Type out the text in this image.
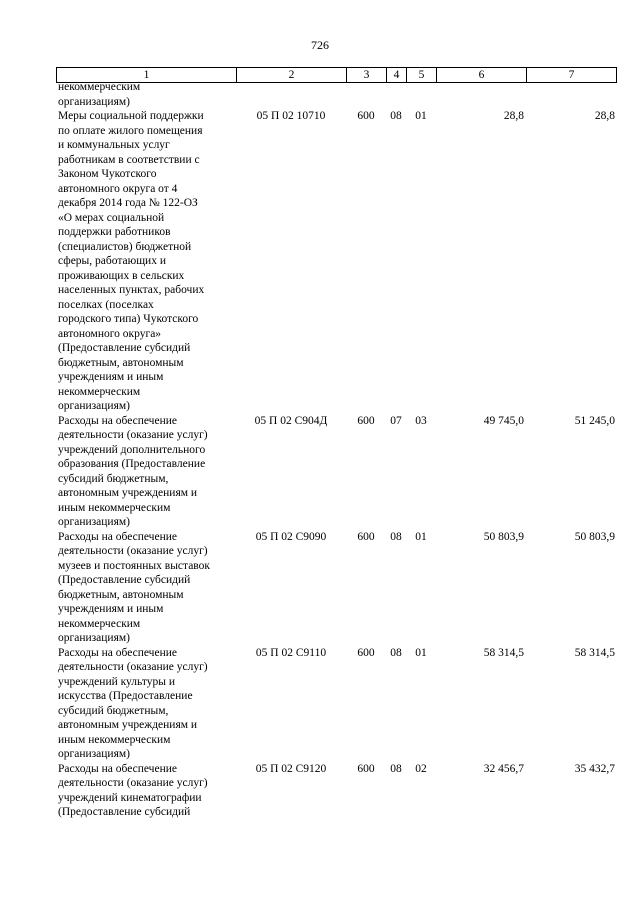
726
1	2	3	4	5	6	7
некоммерческим
организациям)
Меры социальной поддержки
по оплате жилого помещения
и коммунальных услуг
работникам в соответствии с
Законом Чукотского
автономного округа от 4
декабря 2014 года № 122-ОЗ
«О мерах социальной
поддержки работников
(специалистов) бюджетной
сферы, работающих и
проживающих в сельских
населенных пунктах, рабочих
поселках (поселках
городского типа) Чукотского
автономного округа»
(Предоставление субсидий
бюджетным, автономным
учреждениям и иным
некоммерческим
организациям)
05 П 02 10710	600	08	01	28,8	28,8
Расходы на обеспечение
деятельности (оказание услуг)
учреждений дополнительного
образования (Предоставление
субсидий бюджетным,
автономным учреждениям и
иным некоммерческим
организациям)
05 П 02 С904Д	600	07	03	49 745,0	51 245,0
Расходы на обеспечение
деятельности (оказание услуг)
музеев и постоянных выставок
(Предоставление субсидий
бюджетным, автономным
учреждениям и иным
некоммерческим
организациям)
05 П 02 С9090	600	08	01	50 803,9	50 803,9
Расходы на обеспечение
деятельности (оказание услуг)
учреждений культуры и
искусства (Предоставление
субсидий бюджетным,
автономным учреждениям и
иным некоммерческим
организациям)
05 П 02 С9110	600	08	01	58 314,5	58 314,5
Расходы на обеспечение
деятельности (оказание услуг)
учреждений кинематографии
(Предоставление субсидий
05 П 02 С9120	600	08	02	32 456,7	35 432,7
